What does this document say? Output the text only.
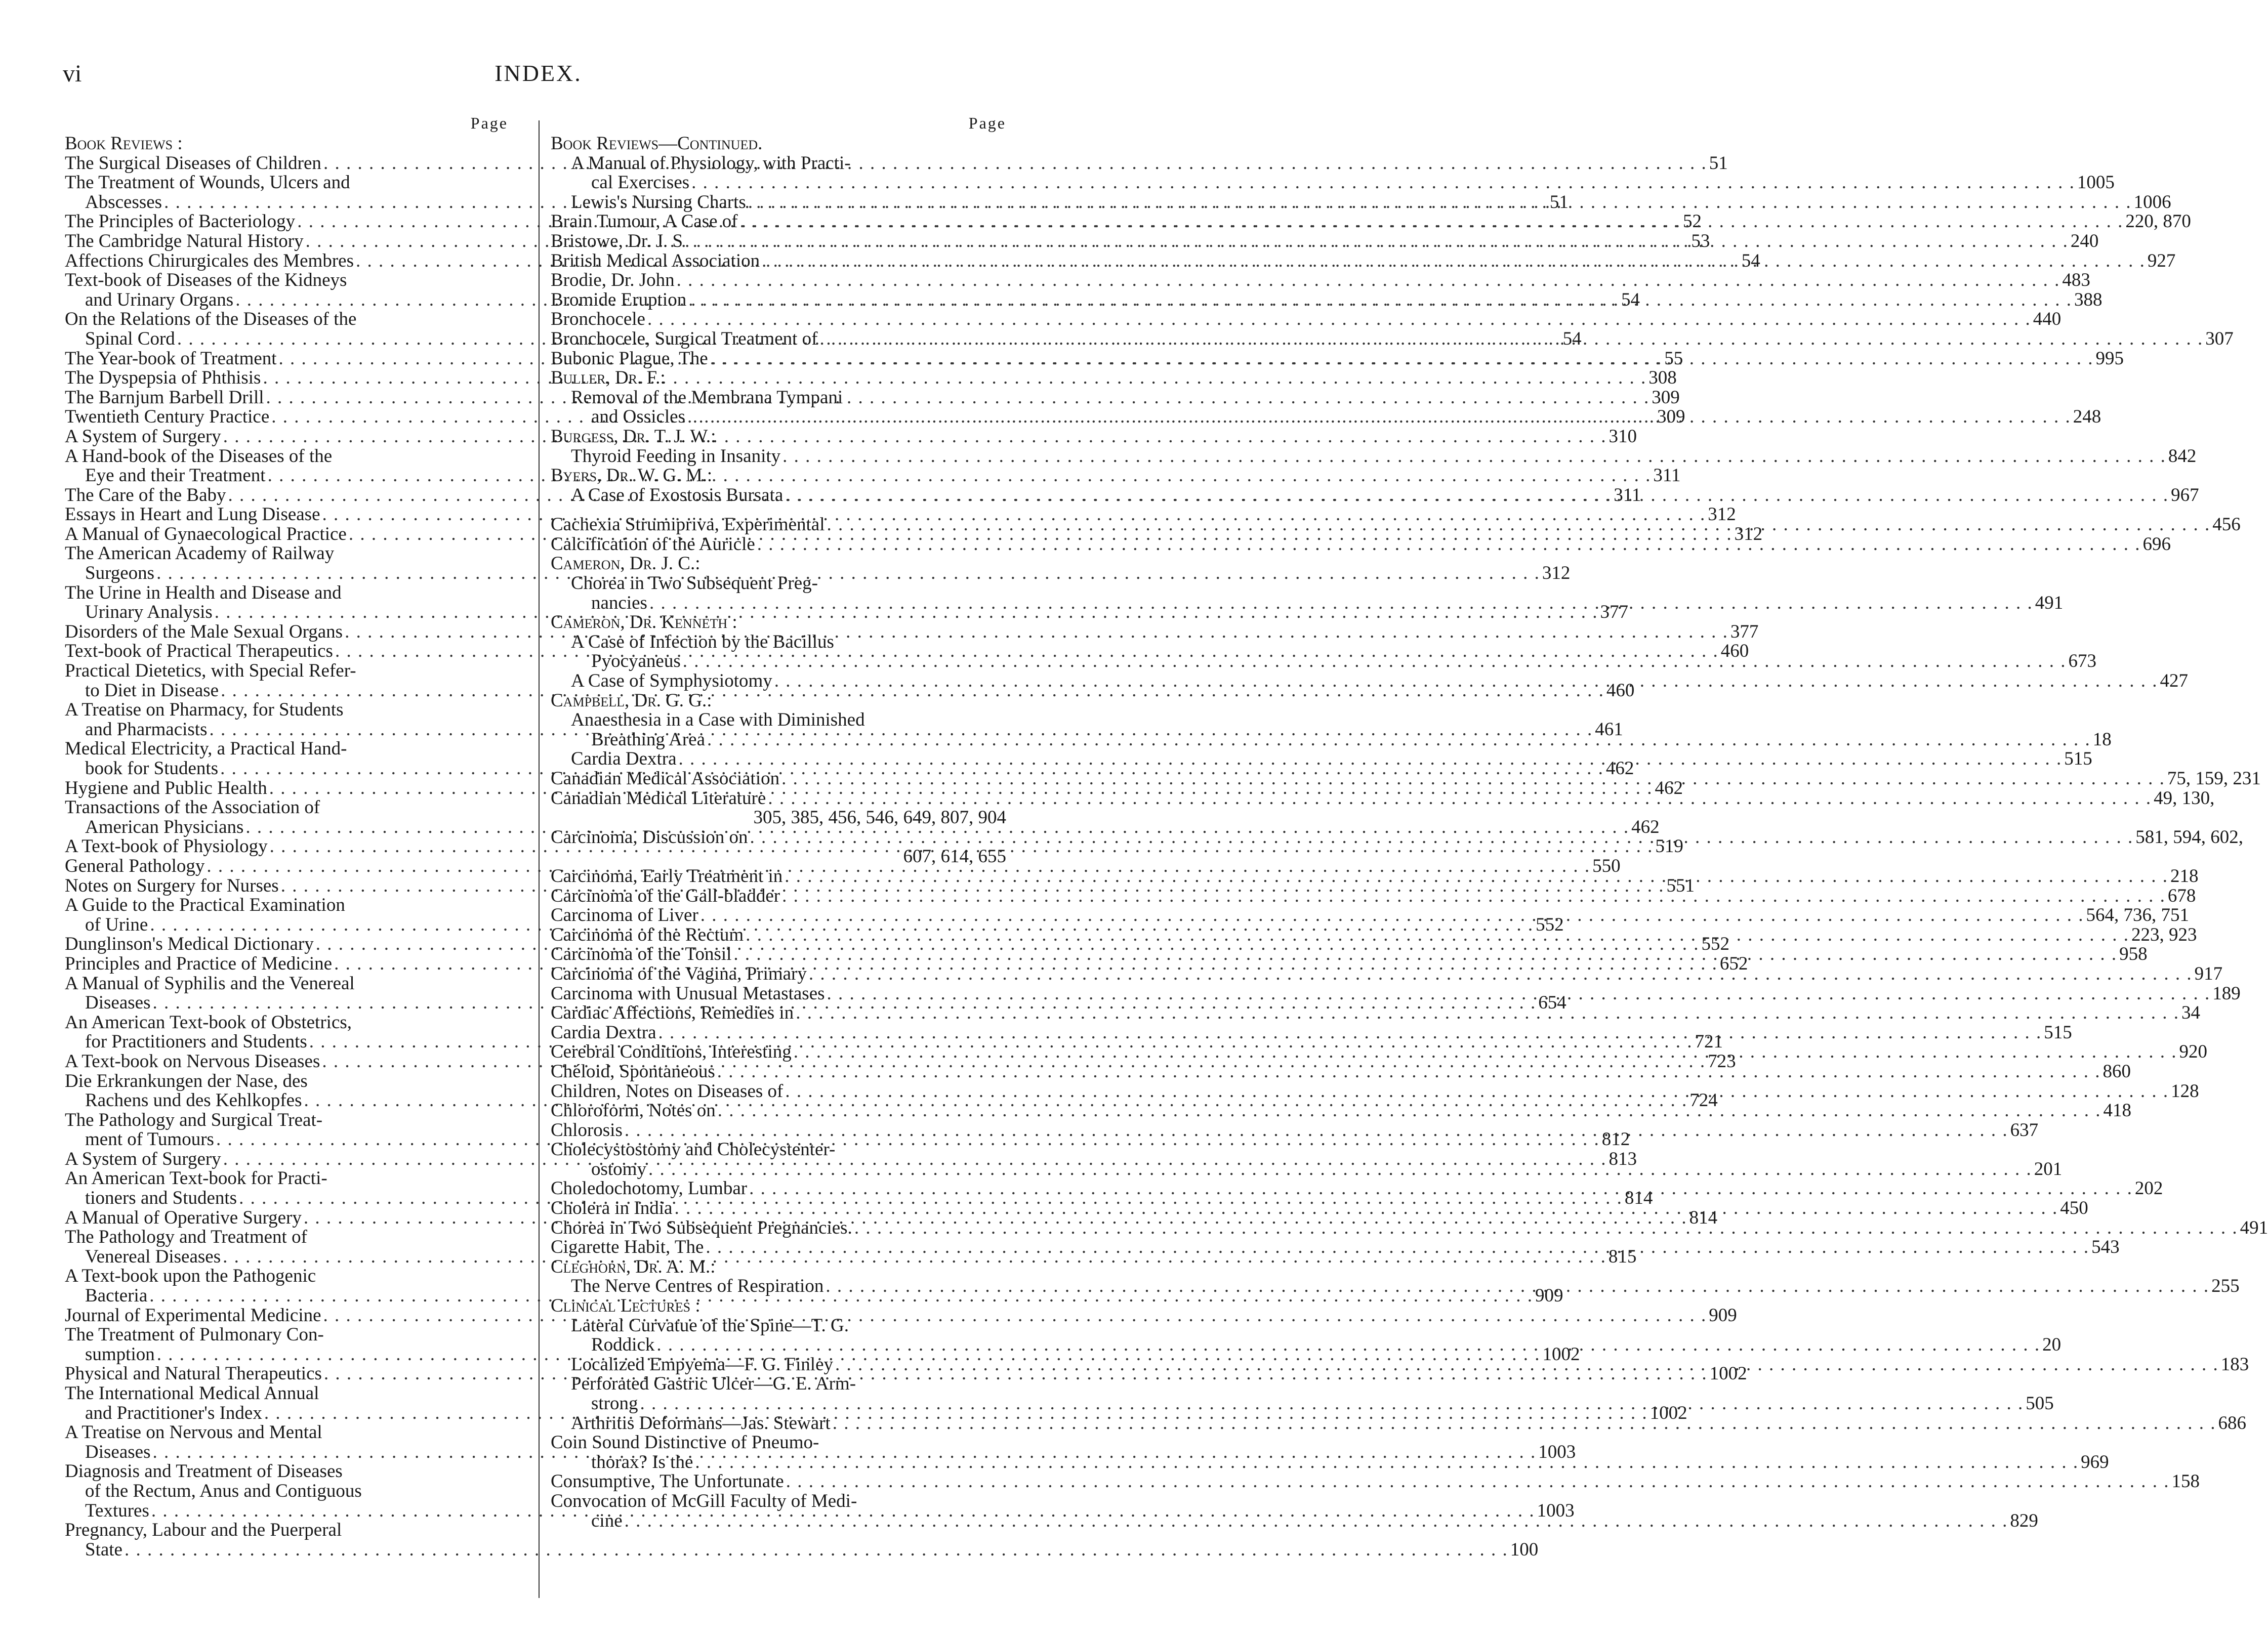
vi	INDEX.
Page
Book Reviews :
The Surgical Diseases of Children . . .	51
The Treatment of Wounds, Ulcers and
Abscesses . . .	51
The Principles of Bacteriology . . .	52
The Cambridge Natural History . . .	53
Affections Chirurgicales des Membres . . .	54
Text-book of Diseases of the Kidneys
and Urinary Organs . . .	54
On the Relations of the Diseases of the
Spinal Cord . . .	54
The Year-book of Treatment . . .	55
The Dyspepsia of Phthisis . . .	308
The Barnjum Barbell Drill . . .	309
Twentieth Century Practice . . .	309
A System of Surgery . . .	310
A Hand-book of the Diseases of the
Eye and their Treatment . . .	311
The Care of the Baby . . .	311
Essays in Heart and Lung Disease . . .	312
A Manual of Gynaecological Practice . . .	312
The American Academy of Railway
Surgeons . . .	312
The Urine in Health and Disease and
Urinary Analysis . . .	377
Disorders of the Male Sexual Organs . . .	377
Text-book of Practical Therapeutics . . .	460
Practical Dietetics, with Special Refer-
to Diet in Disease . . .	460
A Treatise on Pharmacy, for Students
and Pharmacists . . .	461
Medical Electricity, a Practical Hand-
book for Students . . .	462
Hygiene and Public Health . . .	462
Transactions of the Association of
American Physicians . . .	462
A Text-book of Physiology . . .	519
General Pathology . . .	550
Notes on Surgery for Nurses . . .	551
A Guide to the Practical Examination
of Urine . . .	552
Dunglinson's Medical Dictionary . . .	552
Principles and Practice of Medicine . . .	652
A Manual of Syphilis and the Venereal
Diseases . . .	654
An American Text-book of Obstetrics,
for Practitioners and Students . . .	721
A Text-book on Nervous Diseases . . .	723
Die Erkrankungen der Nase, des
Rachens und des Kehlkopfes . . .	724
The Pathology and Surgical Treat-
ment of Tumours . . .	812
A System of Surgery . . .	813
An American Text-book for Practi-
tioners and Students . . .	814
A Manual of Operative Surgery . . .	814
The Pathology and Treatment of
Venereal Diseases . . .	815
A Text-book upon the Pathogenic
Bacteria . . .	909
Journal of Experimental Medicine . . .	909
The Treatment of Pulmonary Con-
sumption . . .	1002
Physical and Natural Therapeutics . . .	1002
The International Medical Annual
and Practitioner's Index . . .	1002
A Treatise on Nervous and Mental
Diseases . . .	1003
Diagnosis and Treatment of Diseases
of the Rectum, Anus and Contiguous
Textures . . .	1003
Pregnancy, Labour and the Puerperal
State . . .	100
Page
Book Reviews—Continued.
A Manual of Physiology, with Practi-
cal Exercises . . .	1005
Lewis's Nursing Charts . . .	1006
Brain Tumour, A Case of . . .	220, 870
Bristowe, Dr. J. S . . .	240
British Medical Association . . .	927
Brodie, Dr. John . . .	483
Bromide Eruption . . .	388
Bronchocele . . .	440
Bronchocele, Surgical Treatment of . . .	307
Bubonic Plague, The . . .	995
Buller, Dr. F.:
Removal of the Membrana Tympani
and Ossicles . . .	248
Burgess, Dr. T. J. W.:
Thyroid Feeding in Insanity . . .	842
Byers, Dr. W. G. M.:
A Case of Exostosis Bursata . . .	967
Cachexia Strumipriva, Experimental . . .	456
Calcification of the Auricle . . .	696
Cameron, Dr. J. C.:
Chorea in Two Subsequent Preg-
nancies . . .	491
Cameron, Dr. Kenneth :
A Case of Infection by the Bacillus
Pyocyaneus . . .	673
A Case of Symphysiotomy . . .	427
Campbell, Dr. G. G.:
Anaesthesia in a Case with Diminished
Breathing Area . . .	18
Cardia Dextra . . .	515
Canadian Medical Association . . .	75, 159, 231
Canadian Medical Literature . . .	49, 130,
305, 385, 456, 546, 649, 807, 904
Carcinoma, Discussion on . . .	581, 594, 602,
607, 614, 655
Carcinoma, Early Treatment in . . .	218
Carcinoma of the Gall-bladder . . .	678
Carcinoma of Liver . . .	564, 736, 751
Carcinoma of the Rectum . . .	223, 923
Carcinoma of the Tonsil . . .	958
Carcinoma of the Vagina, Primary . . .	917
Carcinoma with Unusual Metastases . . .	189
Cardiac Affections, Remedies in . . .	34
Cardia Dextra . . .	515
Cerebral Conditions, Interesting . . .	920
Chéloid, Spontaneous . . .	860
Children, Notes on Diseases of . . .	128
Chloroform, Notes on . . .	418
Chlorosis . . .	637
Cholecystostomy and Cholecystenter-
ostomy . . .	201
Choledochotomy, Lumbar . . .	202
Cholera in India . . .	450
Chorea in Two Subsequent Pregnancies. . . .	491
Cigarette Habit, The . . .	543
Cleghorn, Dr. A. M.:
The Nerve Centres of Respiration . . .	255
Clinical Lectures :
Lateral Curvatue of the Spine—T. G.
Roddick . . .	20
Localized Empyema—F. G. Finley . . .	183
Perforated Gastric Ulcer—G. E. Arm-
strong . . .	505
Arthritis Deformans—Jas. Stewart . . .	686
Coin Sound Distinctive of Pneumo-
thorax? Is the . . .	969
Consumptive, The Unfortunate . . .	158
Convocation of McGill Faculty of Medi-
cine . . .	829
